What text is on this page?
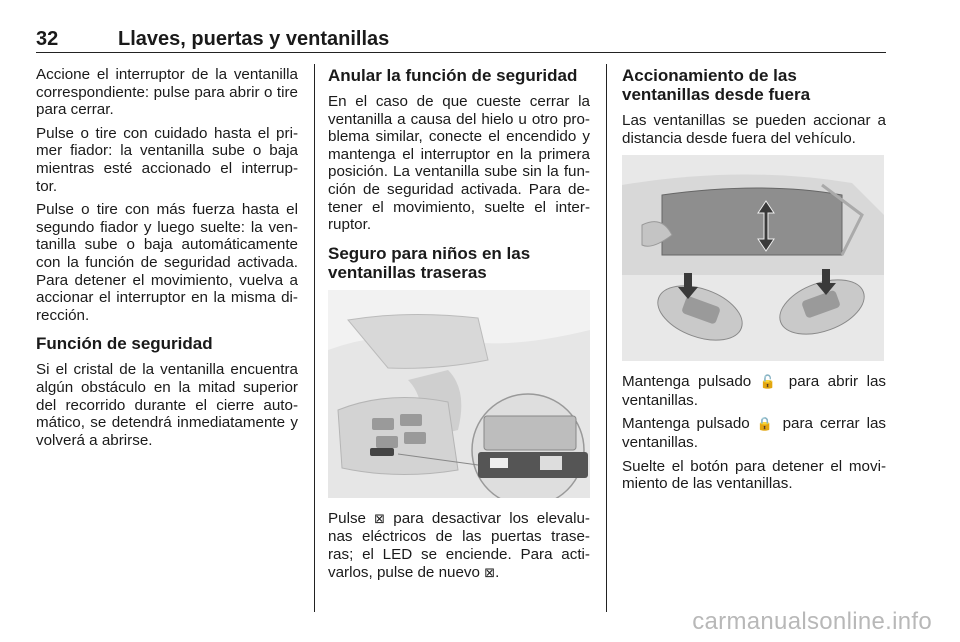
32	Llaves, puertas y ventanillas

Accione el interruptor de la ventanilla correspondiente: pulse para abrir o tire para cerrar.

Pulse o tire con cuidado hasta el pri‐ mer fiador: la ventanilla sube o baja mientras esté accionado el interrup‐ tor.

Pulse o tire con más fuerza hasta el segundo fiador y luego suelte: la ven‐ tanilla sube o baja automáticamente con la función de seguridad activada. Para detener el movimiento, vuelva a accionar el interruptor en la misma di‐ rección.

Función de seguridad

Si el cristal de la ventanilla encuentra algún obstáculo en la mitad superior del recorrido durante el cierre auto‐ mático, se detendrá inmediatamente y volverá a abrirse.

Anular la función de seguridad

En el caso de que cueste cerrar la ventanilla a causa del hielo u otro pro‐ blema similar, conecte el encendido y mantenga el interruptor en la primera posición. La ventanilla sube sin la fun‐ ción de seguridad activada. Para de‐ tener el movimiento, suelte el inter‐ ruptor.

Seguro para niños en las ventanillas traseras

Pulse ⊠ para desactivar los elevalu‐ nas eléctricos de las puertas trase‐ ras; el LED se enciende. Para acti‐ varlos, pulse de nuevo ⊠.

Accionamiento de las ventanillas desde fuera

Las ventanillas se pueden accionar a distancia desde fuera del vehículo.

Mantenga pulsado 🔓 para abrir las ventanillas.

Mantenga pulsado 🔒 para cerrar las ventanillas.

Suelte el botón para detener el movi‐ miento de las ventanillas.

carmanualsonline.info
